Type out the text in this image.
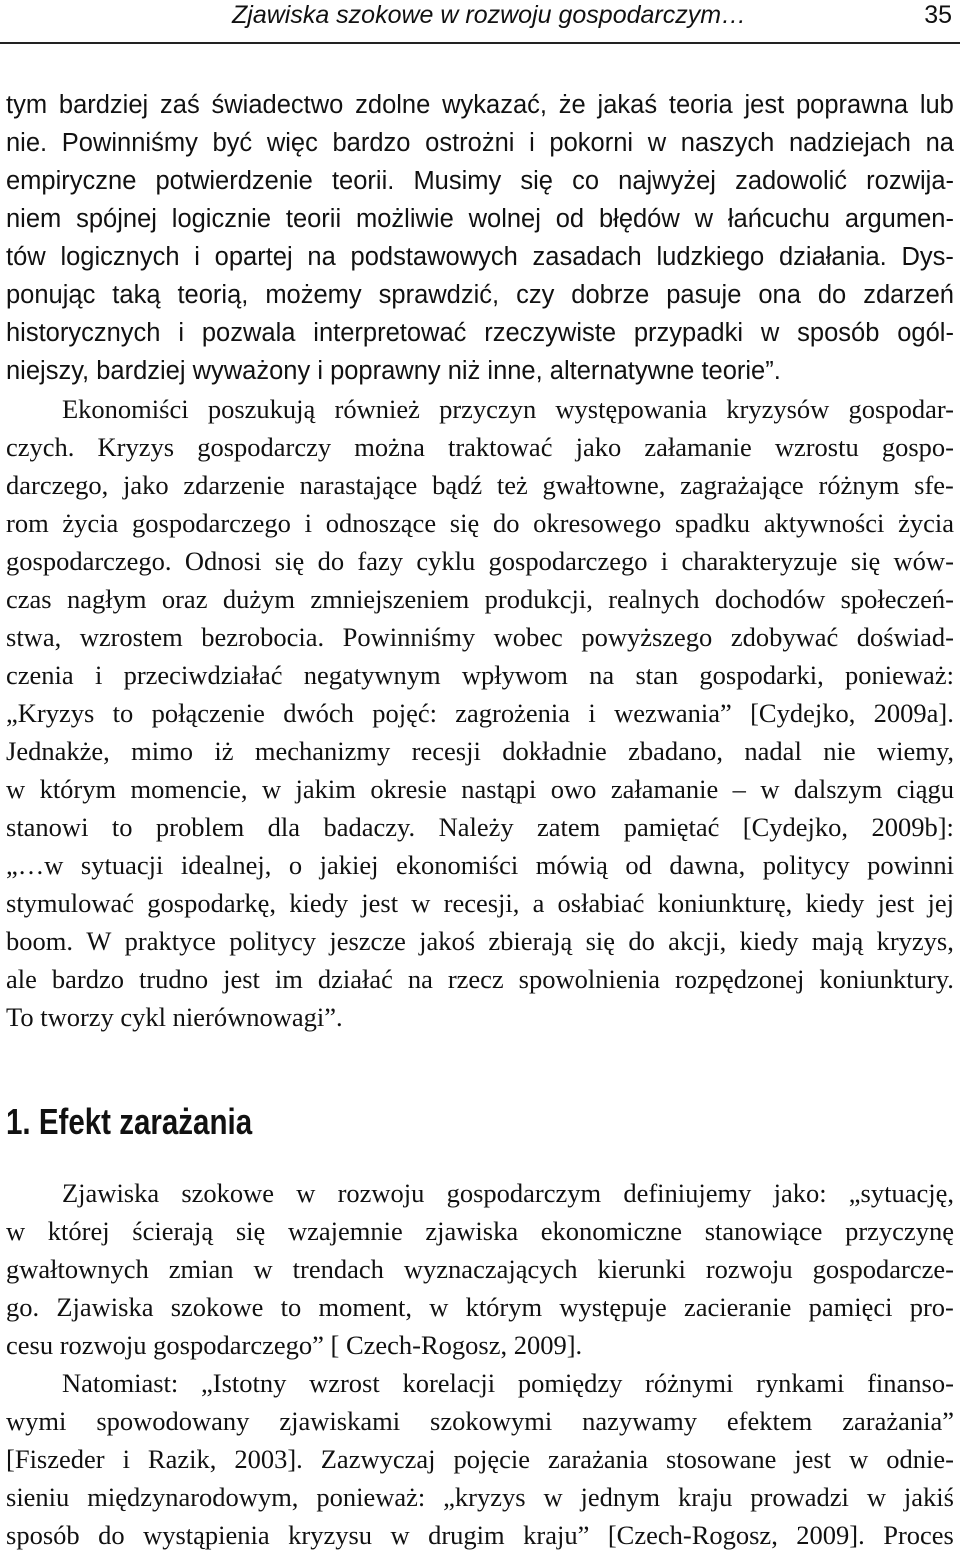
Zjawiska szokowe w rozwoju gospodarczym…	35
tym bardziej zaś świadectwo zdolne wykazać, że jakaś teoria jest poprawna lub
nie. Powinniśmy być więc bardzo ostrożni i pokorni w naszych nadziejach na
empiryczne potwierdzenie teorii. Musimy się co najwyżej zadowolić rozwija-
niem spójnej logicznie teorii możliwie wolnej od błędów w łańcuchu argumen-
tów logicznych i opartej na podstawowych zasadach ludzkiego działania. Dys-
ponując taką teorią, możemy sprawdzić, czy dobrze pasuje ona do zdarzeń
historycznych i pozwala interpretować rzeczywiste przypadki w sposób ogól-
niejszy, bardziej wyważony i poprawny niż inne, alternatywne teorie”.
Ekonomiści poszukują również przyczyn występowania kryzysów gospodar-
czych. Kryzys gospodarczy można traktować jako załamanie wzrostu gospo-
darczego, jako zdarzenie narastające bądź też gwałtowne, zagrażające różnym sfe-
rom życia gospodarczego i odnoszące się do okresowego spadku aktywności życia
gospodarczego. Odnosi się do fazy cyklu gospodarczego i charakteryzuje się wów-
czas nagłym oraz dużym zmniejszeniem produkcji, realnych dochodów społeczeń-
stwa, wzrostem bezrobocia. Powinniśmy wobec powyższego zdobywać doświad-
czenia i przeciwdziałać negatywnym wpływom na stan gospodarki, ponieważ:
„Kryzys to połączenie dwóch pojęć: zagrożenia i wezwania” [Cydejko, 2009a].
Jednakże, mimo iż mechanizmy recesji dokładnie zbadano, nadal nie wiemy,
w którym momencie, w jakim okresie nastąpi owo załamanie – w dalszym ciągu
stanowi to problem dla badaczy. Należy zatem pamiętać [Cydejko, 2009b]:
„…w sytuacji idealnej, o jakiej ekonomiści mówią od dawna, politycy powinni
stymulować gospodarkę, kiedy jest w recesji, a osłabiać koniunkturę, kiedy jest jej
boom. W praktyce politycy jeszcze jakoś zbierają się do akcji, kiedy mają kryzys,
ale bardzo trudno jest im działać na rzecz spowolnienia rozpędzonej koniunktury.
To tworzy cykl nierównowagi”.
1. Efekt zarażania
Zjawiska szokowe w rozwoju gospodarczym definiujemy jako: „sytuację,
w której ścierają się wzajemnie zjawiska ekonomiczne stanowiące przyczynę
gwałtownych zmian w trendach wyznaczających kierunki rozwoju gospodarcze-
go. Zjawiska szokowe to moment, w którym występuje zacieranie pamięci pro-
cesu rozwoju gospodarczego” [ Czech-Rogosz, 2009].
Natomiast: „Istotny wzrost korelacji pomiędzy różnymi rynkami finanso-
wymi spowodowany zjawiskami szokowymi nazywamy efektem zarażania”
[Fiszeder i Razik, 2003]. Zazwyczaj pojęcie zarażania stosowane jest w odnie-
sieniu międzynarodowym, ponieważ: „kryzys w jednym kraju prowadzi w jakiś
sposób do wystąpienia kryzysu w drugim kraju” [Czech-Rogosz, 2009]. Proces
